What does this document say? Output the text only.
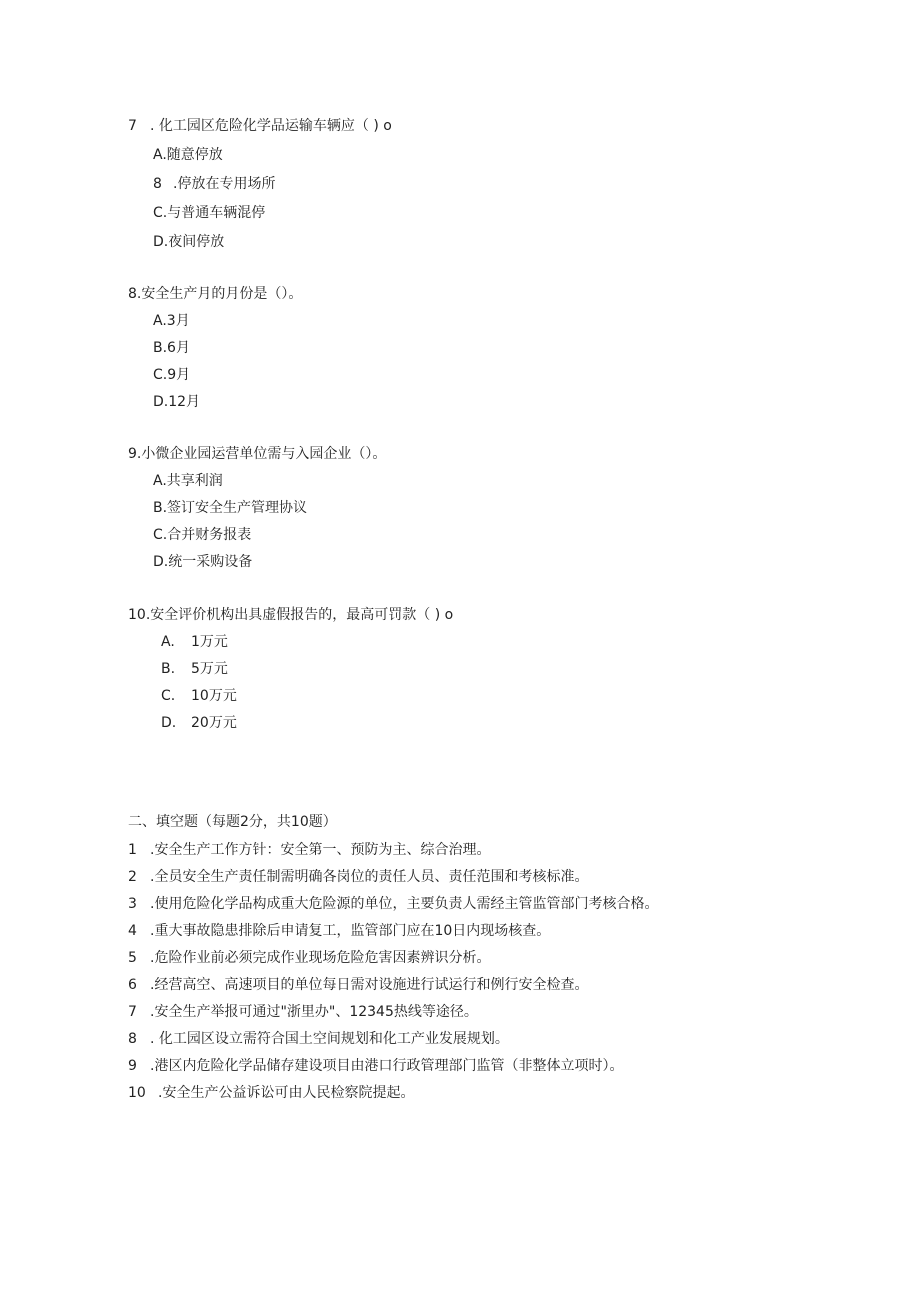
7 . 化工园区危险化学品运输车辆应（ ) o
A.随意停放
8 .停放在专用场所
C.与普通车辆混停
D.夜间停放
8.安全生产月的月份是（）。
A.3月
B.6月
C.9月
D.12月
9.小微企业园运营单位需与入园企业（）。
A.共享利润
B.签订安全生产管理协议
C.合并财务报表
D.统一采购设备
10.安全评价机构出具虚假报告的，最高可罚款（ ) o
A. 1万元
B. 5万元
C. 10万元
D. 20万元
二、填空题（每题2分，共10题）
1 .安全生产工作方针：安全第一、预防为主、综合治理。
2 .全员安全生产责任制需明确各岗位的责任人员、责任范围和考核标准。
3 .使用危险化学品构成重大危险源的单位，主要负责人需经主管监管部门考核合格。
4 .重大事故隐患排除后申请复工，监管部门应在10日内现场核查。
5 .危险作业前必须完成作业现场危险危害因素辨识分析。
6 .经营高空、高速项目的单位每日需对设施进行试运行和例行安全检查。
7 .安全生产举报可通过"浙里办"、12345热线等途径。
8 . 化工园区设立需符合国土空间规划和化工产业发展规划。
9 .港区内危险化学品储存建设项目由港口行政管理部门监管（非整体立项时）。
10 .安全生产公益诉讼可由人民检察院提起。
